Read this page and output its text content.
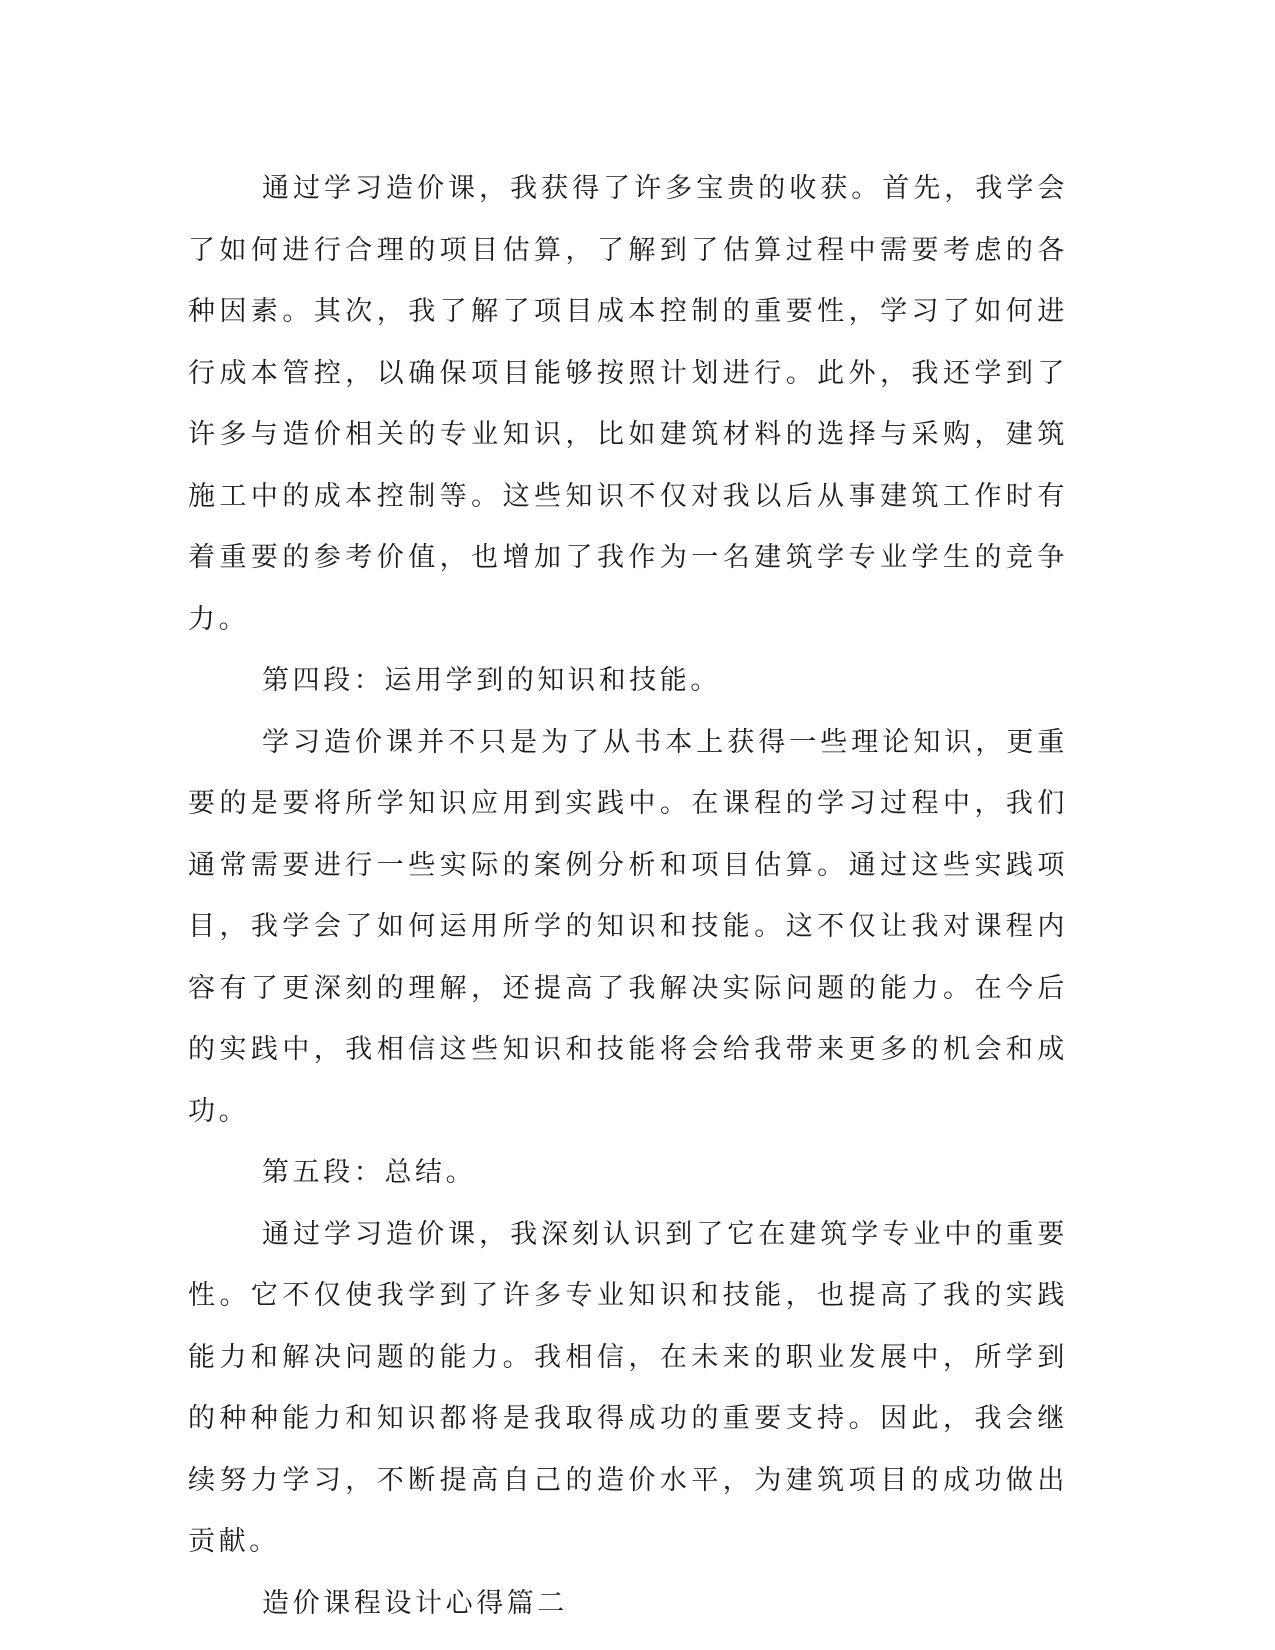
通过学习造价课，我获得了许多宝贵的收获。首先，我学会了如何进行合理的项目估算，了解到了估算过程中需要考虑的各种因素。其次，我了解了项目成本控制的重要性，学习了如何进行成本管控，以确保项目能够按照计划进行。此外，我还学到了许多与造价相关的专业知识，比如建筑材料的选择与采购，建筑施工中的成本控制等。这些知识不仅对我以后从事建筑工作时有着重要的参考价值，也增加了我作为一名建筑学专业学生的竞争力。

第四段：运用学到的知识和技能。

学习造价课并不只是为了从书本上获得一些理论知识，更重要的是要将所学知识应用到实践中。在课程的学习过程中，我们通常需要进行一些实际的案例分析和项目估算。通过这些实践项目，我学会了如何运用所学的知识和技能。这不仅让我对课程内容有了更深刻的理解，还提高了我解决实际问题的能力。在今后的实践中，我相信这些知识和技能将会给我带来更多的机会和成功。

第五段：总结。

通过学习造价课，我深刻认识到了它在建筑学专业中的重要性。它不仅使我学到了许多专业知识和技能，也提高了我的实践能力和解决问题的能力。我相信，在未来的职业发展中，所学到的种种能力和知识都将是我取得成功的重要支持。因此，我会继续努力学习，不断提高自己的造价水平，为建筑项目的成功做出贡献。

造价课程设计心得篇二
